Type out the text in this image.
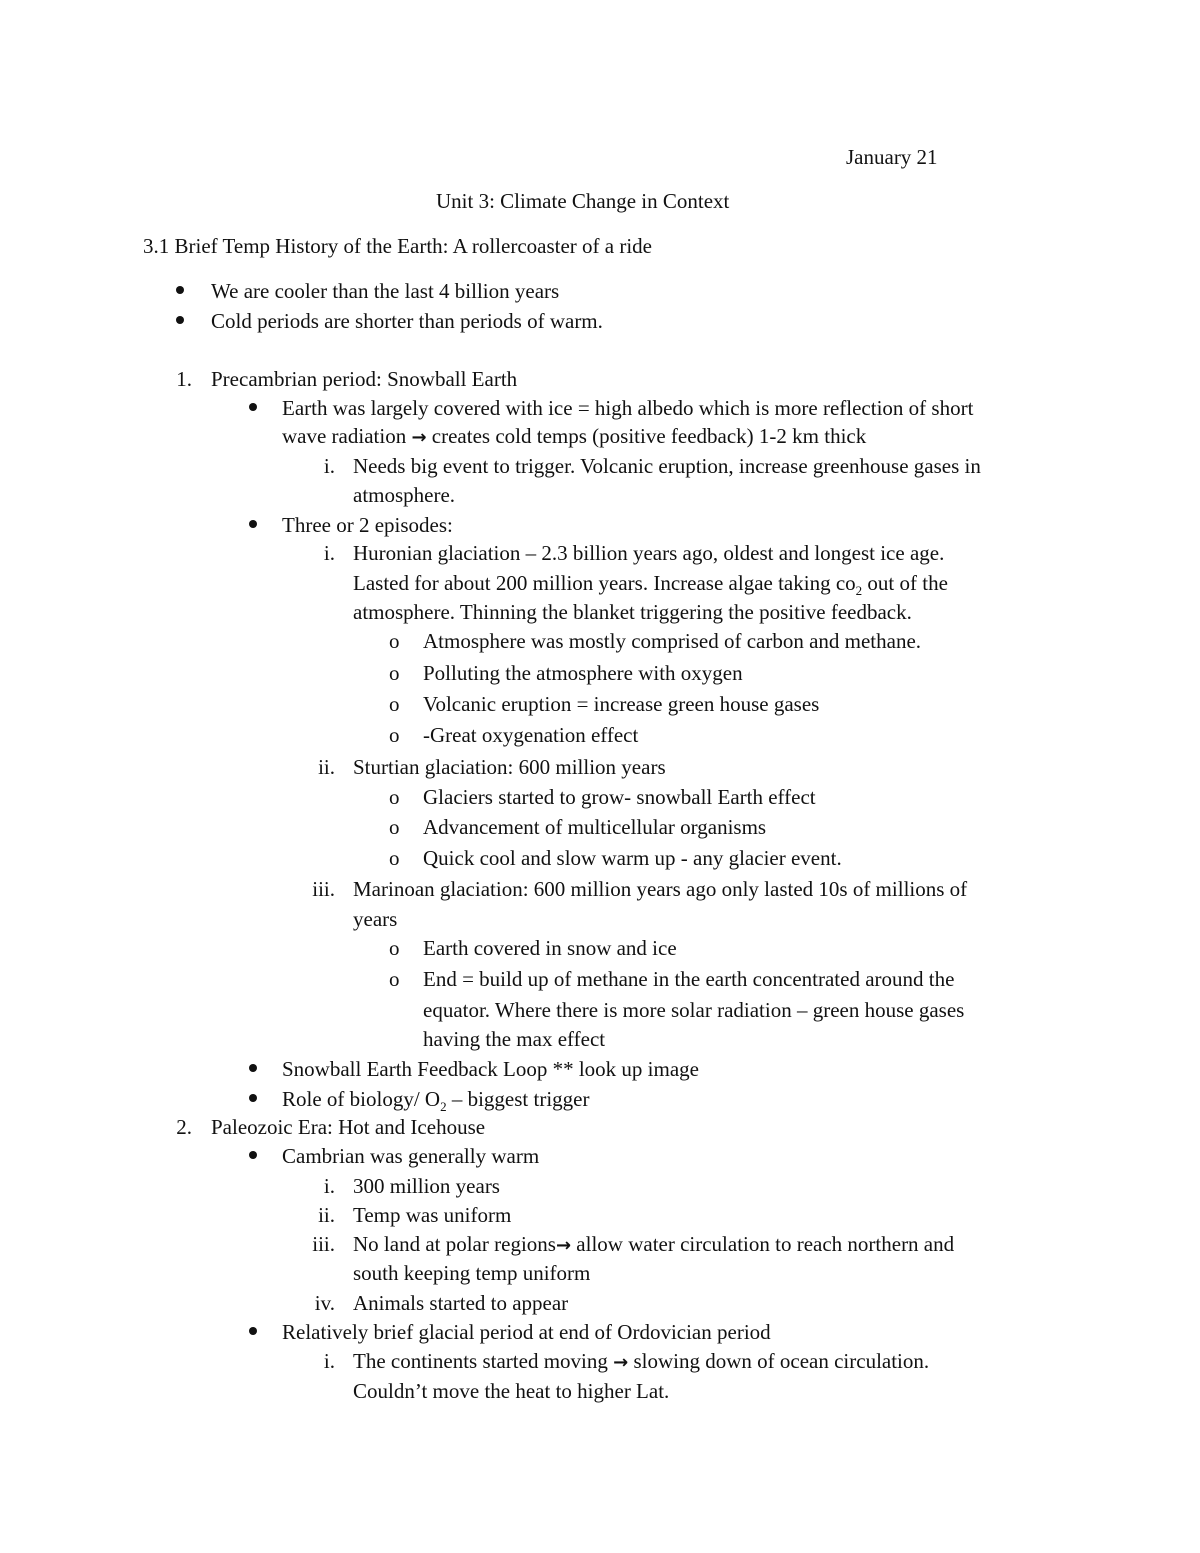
January 21
Unit 3: Climate Change in Context
3.1 Brief Temp History of the Earth: A rollercoaster of a ride
We are cooler than the last 4 billion years
Cold periods are shorter than periods of warm.
1. Precambrian period: Snowball Earth
Earth was largely covered with ice = high albedo which is more reflection of short
wave radiation → creates cold temps (positive feedback) 1-2 km thick
i. Needs big event to trigger. Volcanic eruption, increase greenhouse gases in
atmosphere.
Three or 2 episodes:
i. Huronian glaciation – 2.3 billion years ago, oldest and longest ice age.
Lasted for about 200 million years. Increase algae taking $co_2$ out of the
atmosphere. Thinning the blanket triggering the positive feedback.
o Atmosphere was mostly comprised of carbon and methane.
o Polluting the atmosphere with oxygen
o Volcanic eruption = increase green house gases
o -Great oxygenation effect
ii. Sturtian glaciation: 600 million years
o Glaciers started to grow- snowball Earth effect
o Advancement of multicellular organisms
o Quick cool and slow warm up - any glacier event.
iii. Marinoan glaciation: 600 million years ago only lasted 10s of millions of
years
o Earth covered in snow and ice
o End = build up of methane in the earth concentrated around the
equator. Where there is more solar radiation – green house gases
having the max effect
Snowball Earth Feedback Loop ** look up image
Role of biology/ $O_2$ – biggest trigger
2. Paleozoic Era: Hot and Icehouse
Cambrian was generally warm
i. 300 million years
ii. Temp was uniform
iii. No land at polar regions→ allow water circulation to reach northern and
south keeping temp uniform
iv. Animals started to appear
Relatively brief glacial period at end of Ordovician period
i. The continents started moving → slowing down of ocean circulation.
Couldn’t move the heat to higher Lat.
